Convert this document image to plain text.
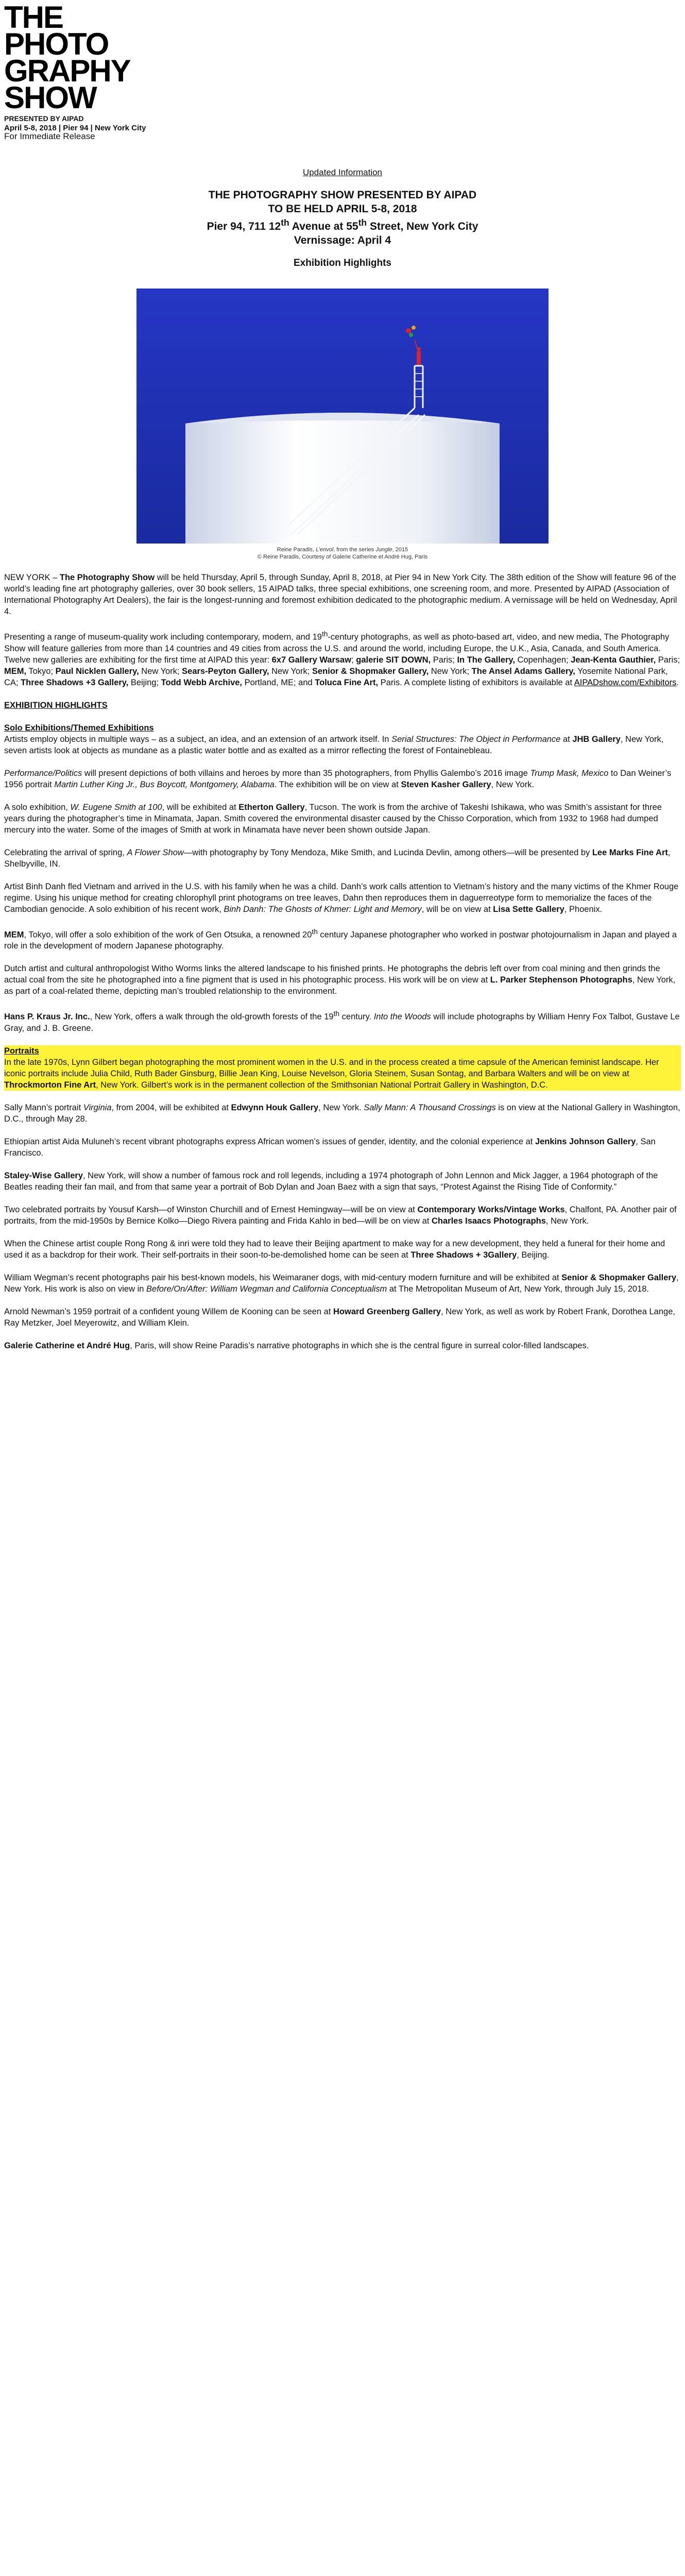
THE
PHOTO
GRAPHY
SHOW
PRESENTED BY AIPAD
April 5-8, 2018 | Pier 94 | New York City
For Immediate Release
Updated Information
THE PHOTOGRAPHY SHOW PRESENTED BY AIPAD
TO BE HELD APRIL 5-8, 2018
Pier 94, 711 12th Avenue at 55th Street, New York City
Vernissage: April 4
Exhibition Highlights
Reine Paradis, L’envol, from the series Jungle, 2015
© Reine Paradis, Courtesy of Galerie Catherine et André Hug, Paris

NEW YORK – The Photography Show will be held Thursday, April 5, through Sunday, April 8, 2018, at Pier 94 in New York City. The 38th edition of the Show will feature 96 of the world’s leading fine art photography galleries, over 30 book sellers, 15 AIPAD talks, three special exhibitions, one screening room, and more. Presented by AIPAD (Association of International Photography Art Dealers), the fair is the longest-running and foremost exhibition dedicated to the photographic medium. A vernissage will be held on Wednesday, April 4.

Presenting a range of museum-quality work including contemporary, modern, and 19th-century photographs, as well as photo-based art, video, and new media, The Photography Show will feature galleries from more than 14 countries and 49 cities from across the U.S. and around the world, including Europe, the U.K., Asia, Canada, and South America. Twelve new galleries are exhibiting for the first time at AIPAD this year: 6x7 Gallery Warsaw; galerie SIT DOWN, Paris; In The Gallery, Copenhagen; Jean-Kenta Gauthier, Paris; MEM, Tokyo; Paul Nicklen Gallery, New York; Sears-Peyton Gallery, New York; Senior & Shopmaker Gallery, New York; The Ansel Adams Gallery, Yosemite National Park, CA; Three Shadows +3 Gallery, Beijing; Todd Webb Archive, Portland, ME; and Toluca Fine Art, Paris. A complete listing of exhibitors is available at AIPADshow.com/Exhibitors.

EXHIBITION HIGHLIGHTS
Solo Exhibitions/Themed Exhibitions

Artists employ objects in multiple ways – as a subject, an idea, and an extension of an artwork itself. In Serial Structures: The Object in Performance at JHB Gallery, New York, seven artists look at objects as mundane as a plastic water bottle and as exalted as a mirror reflecting the forest of Fontainebleau.

Performance/Politics will present depictions of both villains and heroes by more than 35 photographers, from Phyllis Galembo’s 2016 image Trump Mask, Mexico to Dan Weiner’s 1956 portrait Martin Luther King Jr., Bus Boycott, Montgomery, Alabama. The exhibition will be on view at Steven Kasher Gallery, New York.

A solo exhibition, W. Eugene Smith at 100, will be exhibited at Etherton Gallery, Tucson. The work is from the archive of Takeshi Ishikawa, who was Smith’s assistant for three years during the photographer’s time in Minamata, Japan. Smith covered the environmental disaster caused by the Chisso Corporation, which from 1932 to 1968 had dumped mercury into the water. Some of the images of Smith at work in Minamata have never been shown outside Japan.

Celebrating the arrival of spring, A Flower Show—with photography by Tony Mendoza, Mike Smith, and Lucinda Devlin, among others—will be presented by Lee Marks Fine Art, Shelbyville, IN.

Artist Binh Danh fled Vietnam and arrived in the U.S. with his family when he was a child. Danh’s work calls attention to Vietnam’s history and the many victims of the Khmer Rouge regime. Using his unique method for creating chlorophyll print photograms on tree leaves, Dahn then reproduces them in daguerreotype form to memorialize the faces of the Cambodian genocide. A solo exhibition of his recent work, Binh Danh: The Ghosts of Khmer: Light and Memory, will be on view at Lisa Sette Gallery, Phoenix.

MEM, Tokyo, will offer a solo exhibition of the work of Gen Otsuka, a renowned 20th century Japanese photographer who worked in postwar photojournalism in Japan and played a role in the development of modern Japanese photography.

Dutch artist and cultural anthropologist Witho Worms links the altered landscape to his finished prints. He photographs the debris left over from coal mining and then grinds the actual coal from the site he photographed into a fine pigment that is used in his photographic process. His work will be on view at L. Parker Stephenson Photographs, New York, as part of a coal-related theme, depicting man’s troubled relationship to the environment.

Hans P. Kraus Jr. Inc., New York, offers a walk through the old-growth forests of the 19th century. Into the Woods will include photographs by William Henry Fox Talbot, Gustave Le Gray, and J. B. Greene.

Portraits
In the late 1970s, Lynn Gilbert began photographing the most prominent women in the U.S. and in the process created a time capsule of the American feminist landscape. Her iconic portraits include Julia Child, Ruth Bader Ginsburg, Billie Jean King, Louise Nevelson, Gloria Steinem, Susan Sontag, and Barbara Walters and will be on view at Throckmorton Fine Art, New York. Gilbert’s work is in the permanent collection of the Smithsonian National Portrait Gallery in Washington, D.C.

Sally Mann’s portrait Virginia, from 2004, will be exhibited at Edwynn Houk Gallery, New York. Sally Mann: A Thousand Crossings is on view at the National Gallery in Washington, D.C., through May 28.

Ethiopian artist Aida Muluneh’s recent vibrant photographs express African women’s issues of gender, identity, and the colonial experience at Jenkins Johnson Gallery, San Francisco.

Staley-Wise Gallery, New York, will show a number of famous rock and roll legends, including a 1974 photograph of John Lennon and Mick Jagger, a 1964 photograph of the Beatles reading their fan mail, and from that same year a portrait of Bob Dylan and Joan Baez with a sign that says, “Protest Against the Rising Tide of Conformity.”

Two celebrated portraits by Yousuf Karsh—of Winston Churchill and of Ernest Hemingway—will be on view at Contemporary Works/Vintage Works, Chalfont, PA. Another pair of portraits, from the mid-1950s by Bernice Kolko—Diego Rivera painting and Frida Kahlo in bed—will be on view at Charles Isaacs Photographs, New York.

When the Chinese artist couple Rong Rong & inri were told they had to leave their Beijing apartment to make way for a new development, they held a funeral for their home and used it as a backdrop for their work. Their self-portraits in their soon-to-be-demolished home can be seen at Three Shadows + 3Gallery, Beijing.

William Wegman’s recent photographs pair his best-known models, his Weimaraner dogs, with mid-century modern furniture and will be exhibited at Senior & Shopmaker Gallery, New York. His work is also on view in Before/On/After: William Wegman and California Conceptualism at The Metropolitan Museum of Art, New York, through July 15, 2018.

Arnold Newman’s 1959 portrait of a confident young Willem de Kooning can be seen at Howard Greenberg Gallery, New York, as well as work by Robert Frank, Dorothea Lange, Ray Metzker, Joel Meyerowitz, and William Klein.

Galerie Catherine et André Hug, Paris, will show Reine Paradis’s narrative photographs in which she is the central figure in surreal color-filled landscapes.
